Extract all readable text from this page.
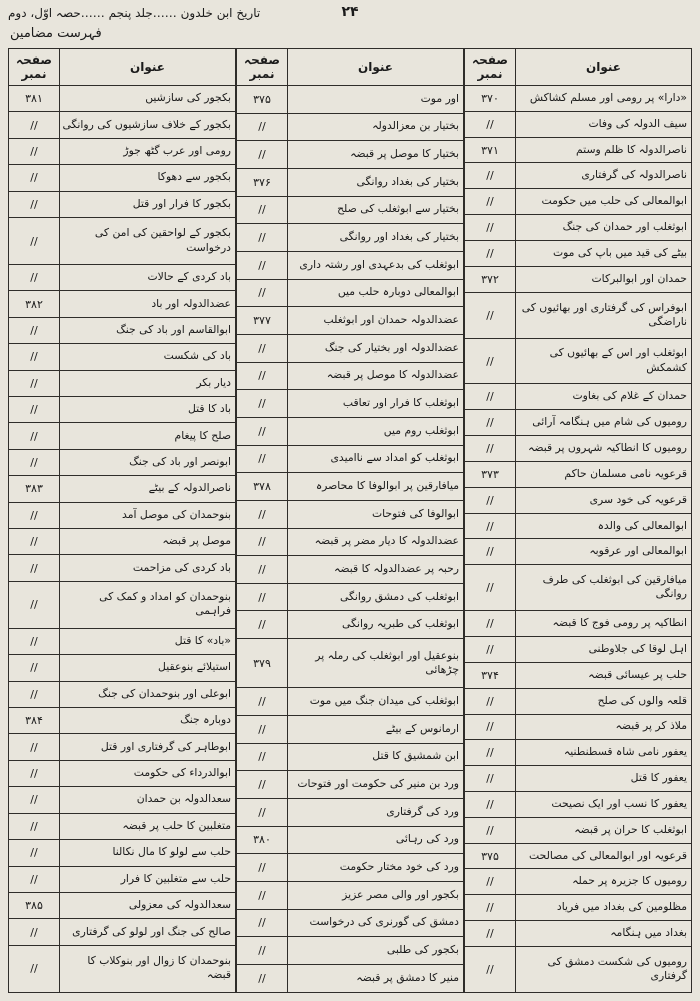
تاریخ ابن خلدون ……جلد پنجم ……حصہ اوّل، دوم	۲۴
فہرست مضامین
عنوان	صفحہ نمبر
«دارا» پر رومی اور مسلم کشاکش	۳۷۰
سیف الدولہ کی وفات	//
ناصرالدولہ کا ظلم وستم	۳۷۱
ناصرالدولہ کی گرفتاری	//
ابوالمعالی کی حلب میں حکومت	//
ابوثغلب اور حمدان کی جنگ	//
بیٹے کی قید میں باپ کی موت	//
حمدان اور ابوالبرکات	۳۷۲
ابوفراس کی گرفتاری اور بھائیوں کی ناراضگی	//
ابوثغلب اور اس کے بھائیوں کی کشمکش	//
حمدان کے غلام کی بغاوت	//
رومیوں کی شام میں ہنگامہ آرائی	//
رومیوں کا انطاکیہ شہروں پر قبضہ	//
قرعویہ نامی مسلمان حاکم	۳۷۳
قرعویہ کی خود سری	//
ابوالمعالی کی والدہ	//
ابوالمعالی اور عرقوبہ	//
میافارقین کی ابوثغلب کی طرف روانگی	//
انطاکیہ پر رومی فوج کا قبضہ	//
اہل لوقا کی جلاوطنی	//
حلب پر عیسائی قبضہ	۳۷۴
قلعہ والوں کی صلح	//
ملاذ کر پر قبضہ	//
یعفور نامی شاہ قسطنطنیہ	//
یعفور کا قتل	//
یعفور کا نسب اور ایک نصیحت	//
ابوثغلب کا حران پر قبضہ	//
قرعویہ اور ابوالمعالی کی مصالحت	۳۷۵
رومیوں کا جزیرہ پر حملہ	//
مظلومین کی بغداد میں فریاد	//
بغداد میں ہنگامہ	//
رومیوں کی شکست دمشق کی گرفتاری	//
عنوان	صفحہ نمبر
اور موت	۳۷۵
بختیار بن معزالدولہ	//
بختیار کا موصل پر قبضہ	//
بختیار کی بغداد روانگی	۳۷۶
بختیار سے ابوثغلب کی صلح	//
بختیار کی بغداد اور روانگی	//
ابوثغلب کی بدعہدی اور رشتہ داری	//
ابوالمعالی دوبارہ حلب میں	//
عضدالدولہ حمدان اور ابوثغلب	۳۷۷
عضدالدولہ اور بختیار کی جنگ	//
عضدالدولہ کا موصل پر قبضہ	//
ابوثغلب کا فرار اور تعاقب	//
ابوثغلب روم میں	//
ابوثغلب کو امداد سے ناامیدی	//
میافارقین پر ابوالوفا کا محاصرہ	۳۷۸
ابوالوفا کی فتوحات	//
عضدالدولہ کا دیار مضر پر قبضہ	//
رحبہ پر عضدالدولہ کا قبضہ	//
ابوثغلب کی دمشق روانگی	//
ابوثغلب کی طبریہ روانگی	//
بنوعقیل اور ابوثغلب کی رملہ پر چڑھائی	۳۷۹
ابوثغلب کی میدان جنگ میں موت	//
ارمانوس کے بیٹے	//
ابن شمشیق کا قتل	//
ورد بن منیر کی حکومت اور فتوحات	//
ورد کی گرفتاری	//
ورد کی رہائی	۳۸۰
ورد کی خود مختار حکومت	//
بکجور اور والی مصر عزیز	//
دمشق کی گورنری کی درخواست	//
بکجور کی طلبی	//
منیر کا دمشق پر قبضہ	//
عنوان	صفحہ نمبر
بکجور کی سازشیں	۳۸۱
بکجور کے خلاف سازشیوں کی روانگی	//
رومی اور عرب گٹھ جوڑ	//
بکجور سے دھوکا	//
بکجور کا فرار اور قتل	//
بکجور کے لواحقین کی امن کی درخواست	//
باد کردی کے حالات	//
عضدالدولہ اور باد	۳۸۲
ابوالقاسم اور باد کی جنگ	//
باد کی شکست	//
دیار بکر	//
باد کا قتل	//
صلح کا پیغام	//
ابونصر اور باد کی جنگ	//
ناصرالدولہ کے بیٹے	۳۸۳
بنوحمدان کی موصل آمد	//
موصل پر قبضہ	//
باد کردی کی مزاحمت	//
بنوحمدان کو امداد و کمک کی فراہمی	//
«باد» کا قتل	//
استیلائے بنوعقیل	//
ابوعلی اور بنوحمدان کی جنگ	//
دوبارہ جنگ	۳۸۴
ابوطاہر کی گرفتاری اور قتل	//
ابوالدرداء کی حکومت	//
سعدالدولہ بن حمدان	//
متغلبین کا حلب پر قبضہ	//
حلب سے لولو کا مال نکالنا	//
حلب سے متغلبین کا فرار	//
سعدالدولہ کی معزولی	۳۸۵
صالح کی جنگ اور لولو کی گرفتاری	//
بنوحمدان کا زوال اور بنوکلاب کا قبضہ	//
